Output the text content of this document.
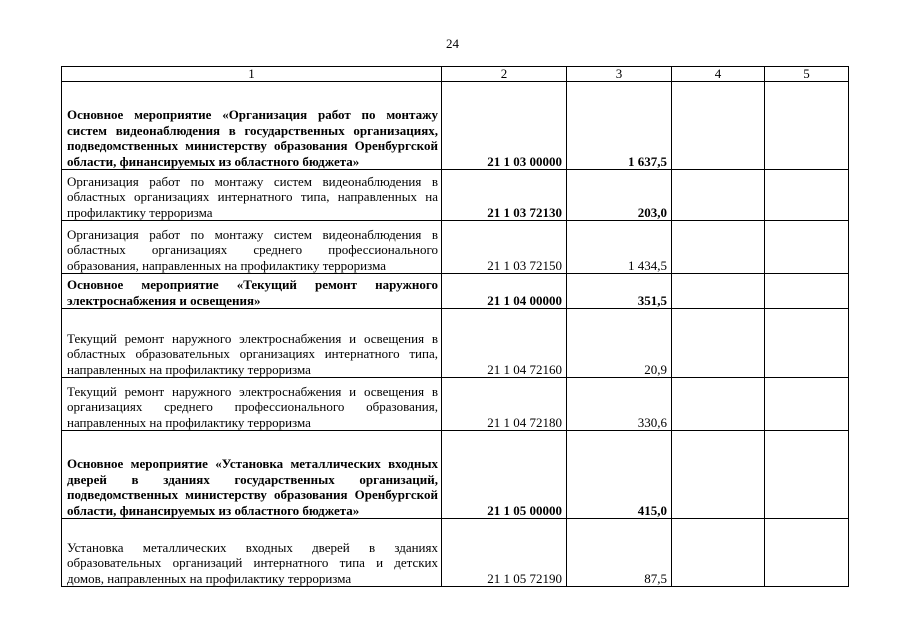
24
1	2	3	4	5
Основное мероприятие «Организация работ по монтажу систем видеонаблюдения в государственных организациях, подведомственных министерству образования Оренбургской области, финансируемых из областного бюджета»	21 1 03 00000	1 637,5		
Организация работ по монтажу систем видеонаблюдения в областных организациях интернатного типа, направленных на профилактику терроризма	21 1 03 72130	203,0		
Организация работ по монтажу систем видеонаблюдения в областных организациях среднего профессионального образования, направленных на профилактику терроризма	21 1 03 72150	1 434,5		
Основное мероприятие «Текущий ремонт наружного электроснабжения и освещения»	21 1 04 00000	351,5		
Текущий ремонт наружного электроснабжения и освещения в областных образовательных организациях интернатного типа, направленных на профилактику терроризма	21 1 04 72160	20,9		
Текущий ремонт наружного электроснабжения и освещения в организациях среднего профессионального образования, направленных на профилактику терроризма	21 1 04 72180	330,6		
Основное мероприятие «Установка металлических входных дверей в зданиях государственных организаций, подведомственных министерству образования Оренбургской области, финансируемых из областного бюджета»	21 1 05 00000	415,0		
Установка металлических входных дверей в зданиях образовательных организаций интернатного типа и детских домов, направленных на профилактику терроризма	21 1 05 72190	87,5		
